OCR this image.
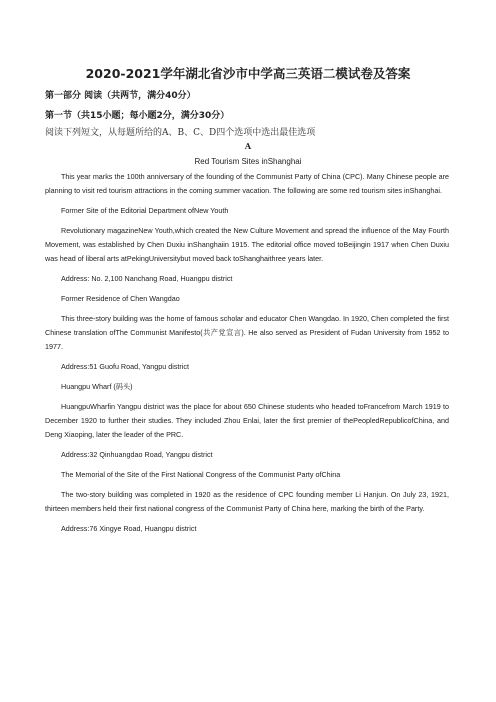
2020-2021学年湖北省沙市中学高三英语二模试卷及答案
第一部分 阅读（共两节，满分40分）
第一节（共15小题；每小题2分，满分30分）
阅读下列短文，从每题所给的A、B、C、D四个选项中选出最佳选项
A
Red Tourism Sites inShanghai

This year marks the 100th anniversary of the founding of the Communist Party of China (CPC). Many Chinese people are planning to visit red tourism attractions in the coming summer vacation. The following are some red tourism sites inShanghai.

Former Site of the Editorial Department ofNew Youth

Revolutionary magazineNew Youth,which created the New Culture Movement and spread the influence of the May Fourth Movement, was established by Chen Duxiu inShanghaiin 1915. The editorial office moved toBeijingin 1917 when Chen Duxiu was head of liberal arts atPekingUniversitybut moved back toShanghaithree years later.

Address: No. 2,100 Nanchang Road, Huangpu district

Former Residence of Chen Wangdao

This three-story building was the home of famous scholar and educator Chen Wangdao. In 1920, Chen completed the first Chinese translation ofThe Communist Manifesto(共产党宣言). He also served as President of Fudan University from 1952 to 1977.

Address:51 Guofu Road, Yangpu district

Huangpu Wharf (码头)

HuangpuWharfin Yangpu district was the place for about 650 Chinese students who headed toFrancefrom March 1919 to December 1920 to further their studies. They included Zhou Enlai, later the first premier of thePeopledRepublicofChina, and Deng Xiaoping, later the leader of the PRC.

Address:32 Qinhuangdao Road, Yangpu district

The Memorial of the Site of the First National Congress of the Communist Party ofChina

The two-story building was completed in 1920 as the residence of CPC founding member Li Hanjun. On July 23, 1921, thirteen members held their first national congress of the Communist Party of China here, marking the birth of the Party.

Address:76 Xingye Road, Huangpu district
